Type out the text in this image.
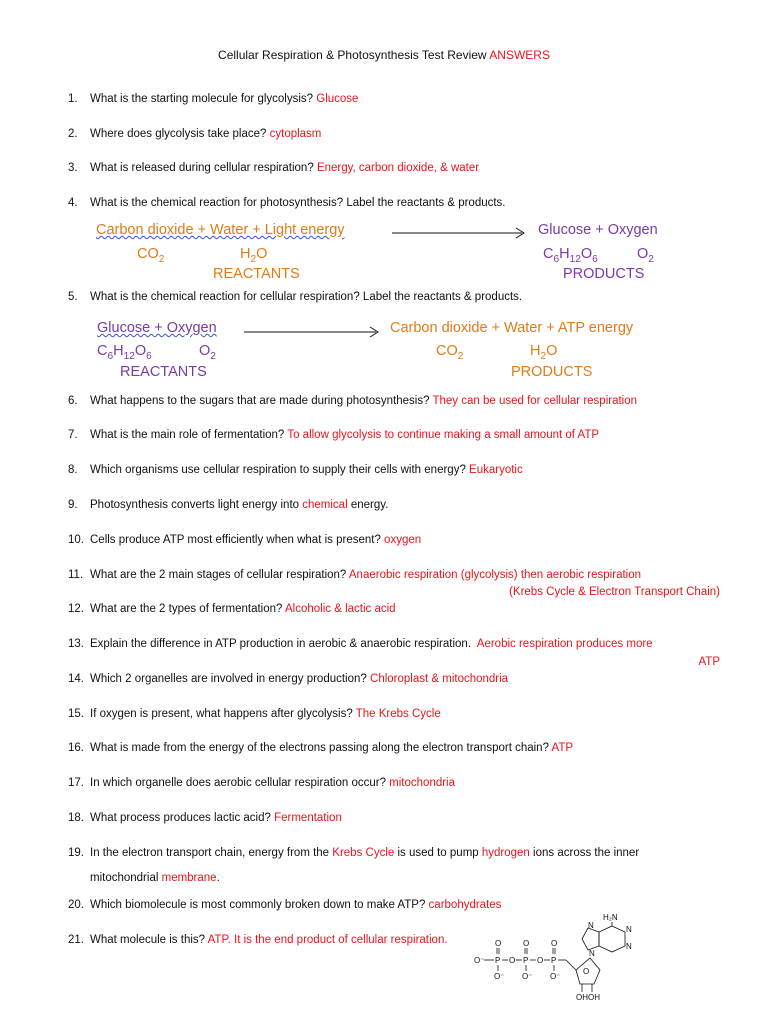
Cellular Respiration & Photosynthesis Test Review ANSWERS
1. What is the starting molecule for glycolysis? Glucose
2. Where does glycolysis take place? cytoplasm
3. What is released during cellular respiration? Energy, carbon dioxide, & water
4. What is the chemical reaction for photosynthesis? Label the reactants & products.
Carbon dioxide + Water + Light energy	Glucose + Oxygen
$CO_2$	$H_2O$	$C_6H_{12}O_6$	$O_2$
REACTANTS	PRODUCTS
5. What is the chemical reaction for cellular respiration? Label the reactants & products.
Glucose + Oxygen	Carbon dioxide + Water + ATP energy
$C_6H_{12}O_6$	$O_2$	$CO_2$	$H_2O$
REACTANTS	PRODUCTS
6. What happens to the sugars that are made during photosynthesis? They can be used for cellular respiration
7. What is the main role of fermentation? To allow glycolysis to continue making a small amount of ATP
8. Which organisms use cellular respiration to supply their cells with energy? Eukaryotic
9. Photosynthesis converts light energy into chemical energy.
10. Cells produce ATP most efficiently when what is present? oxygen
11. What are the 2 main stages of cellular respiration? Anaerobic respiration (glycolysis) then aerobic respiration
(Krebs Cycle & Electron Transport Chain)
12. What are the 2 types of fermentation? Alcoholic & lactic acid
13. Explain the difference in ATP production in aerobic & anaerobic respiration. Aerobic respiration produces more
ATP
14. Which 2 organelles are involved in energy production? Chloroplast & mitochondria
15. If oxygen is present, what happens after glycolysis? The Krebs Cycle
16. What is made from the energy of the electrons passing along the electron transport chain? ATP
17. In which organelle does aerobic cellular respiration occur? mitochondria
18. What process produces lactic acid? Fermentation
19. In the electron transport chain, energy from the Krebs Cycle is used to pump hydrogen ions across the inner
mitochondrial membrane.
20. Which biomolecule is most commonly broken down to make ATP? carbohydrates
21. What molecule is this? ATP. It is the end product of cellular respiration.
H₂N
N
N
N
N
O
OHOH
O⁻ P O P O P
O	O	O
O⁻ O⁻ O⁻
